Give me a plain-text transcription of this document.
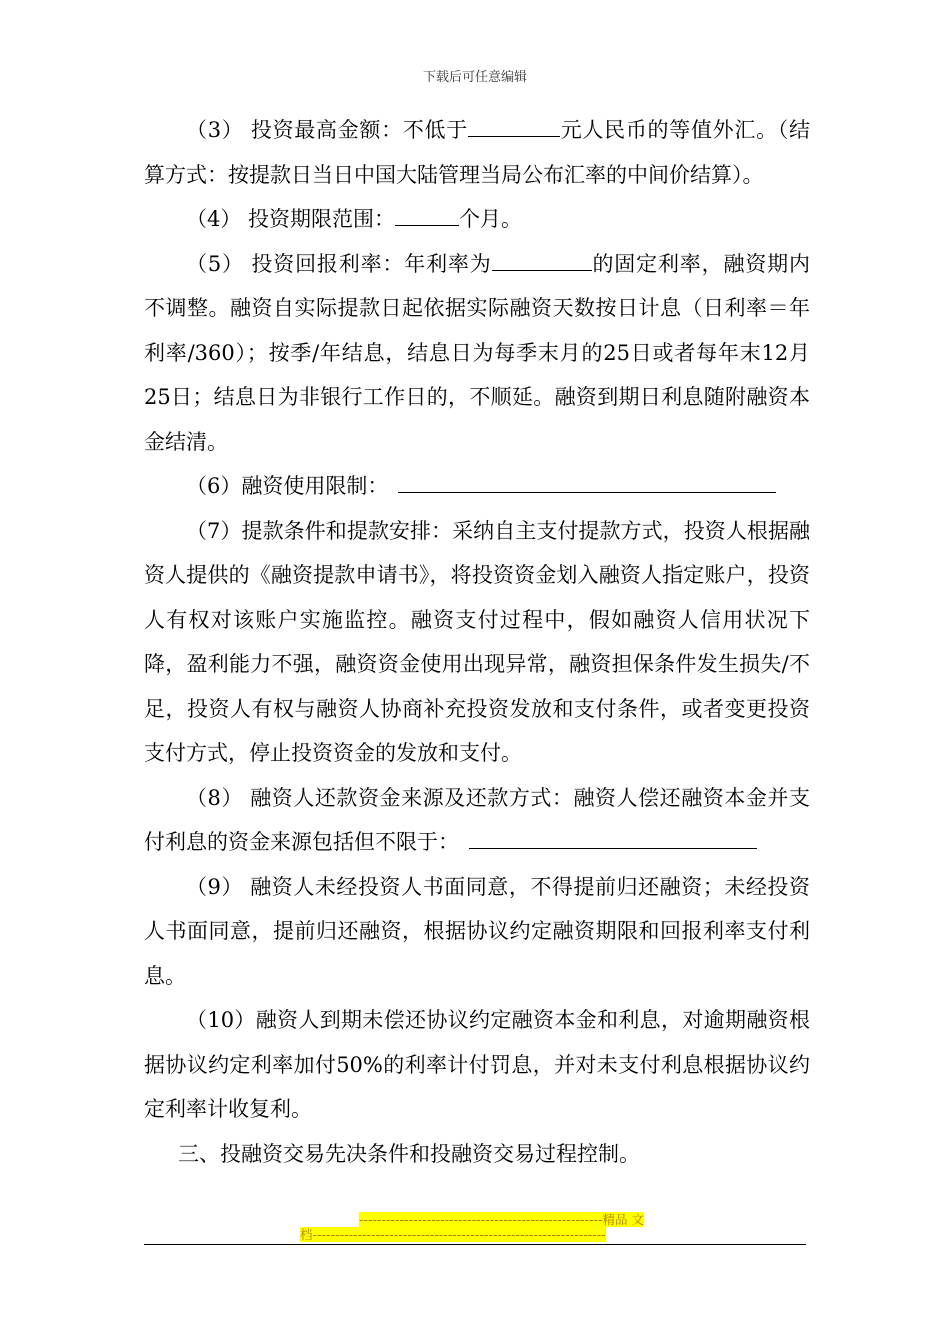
下载后可任意编辑

（3） 投资最高金额：不低于	元人民币的等值外汇。（结算方式：按提款日当日中国大陆管理当局公布汇率的中间价结算）。

（4） 投资期限范围：	个月。

（5） 投资回报利率：年利率为	的固定利率，融资期内不调整。融资自实际提款日起依据实际融资天数按日计息（日利率＝年利率/360）；按季/年结息，结息日为每季末月的25日或者每年末12月25日；结息日为非银行工作日的，不顺延。融资到期日利息随附融资本金结清。

（6）融资使用限制：

（7）提款条件和提款安排：采纳自主支付提款方式，投资人根据融资人提供的《融资提款申请书》，将投资资金划入融资人指定账户，投资人有权对该账户实施监控。融资支付过程中，假如融资人信用状况下降，盈利能力不强，融资资金使用出现异常，融资担保条件发生损失/不足，投资人有权与融资人协商补充投资发放和支付条件，或者变更投资支付方式，停止投资资金的发放和支付。

（8） 融资人还款资金来源及还款方式：融资人偿还融资本金并支付利息的资金来源包括但不限于：

（9） 融资人未经投资人书面同意，不得提前归还融资；未经投资人书面同意，提前归还融资，根据协议约定融资期限和回报利率支付利息。

（10）融资人到期未偿还协议约定融资本金和利息，对逾期融资根据协议约定利率加付50%的利率计付罚息，并对未支付利息根据协议约定利率计收复利。

三、投融资交易先决条件和投融资交易过程控制。

------------------------------------------------------精品 文
档-----------------------------------------------------------------
